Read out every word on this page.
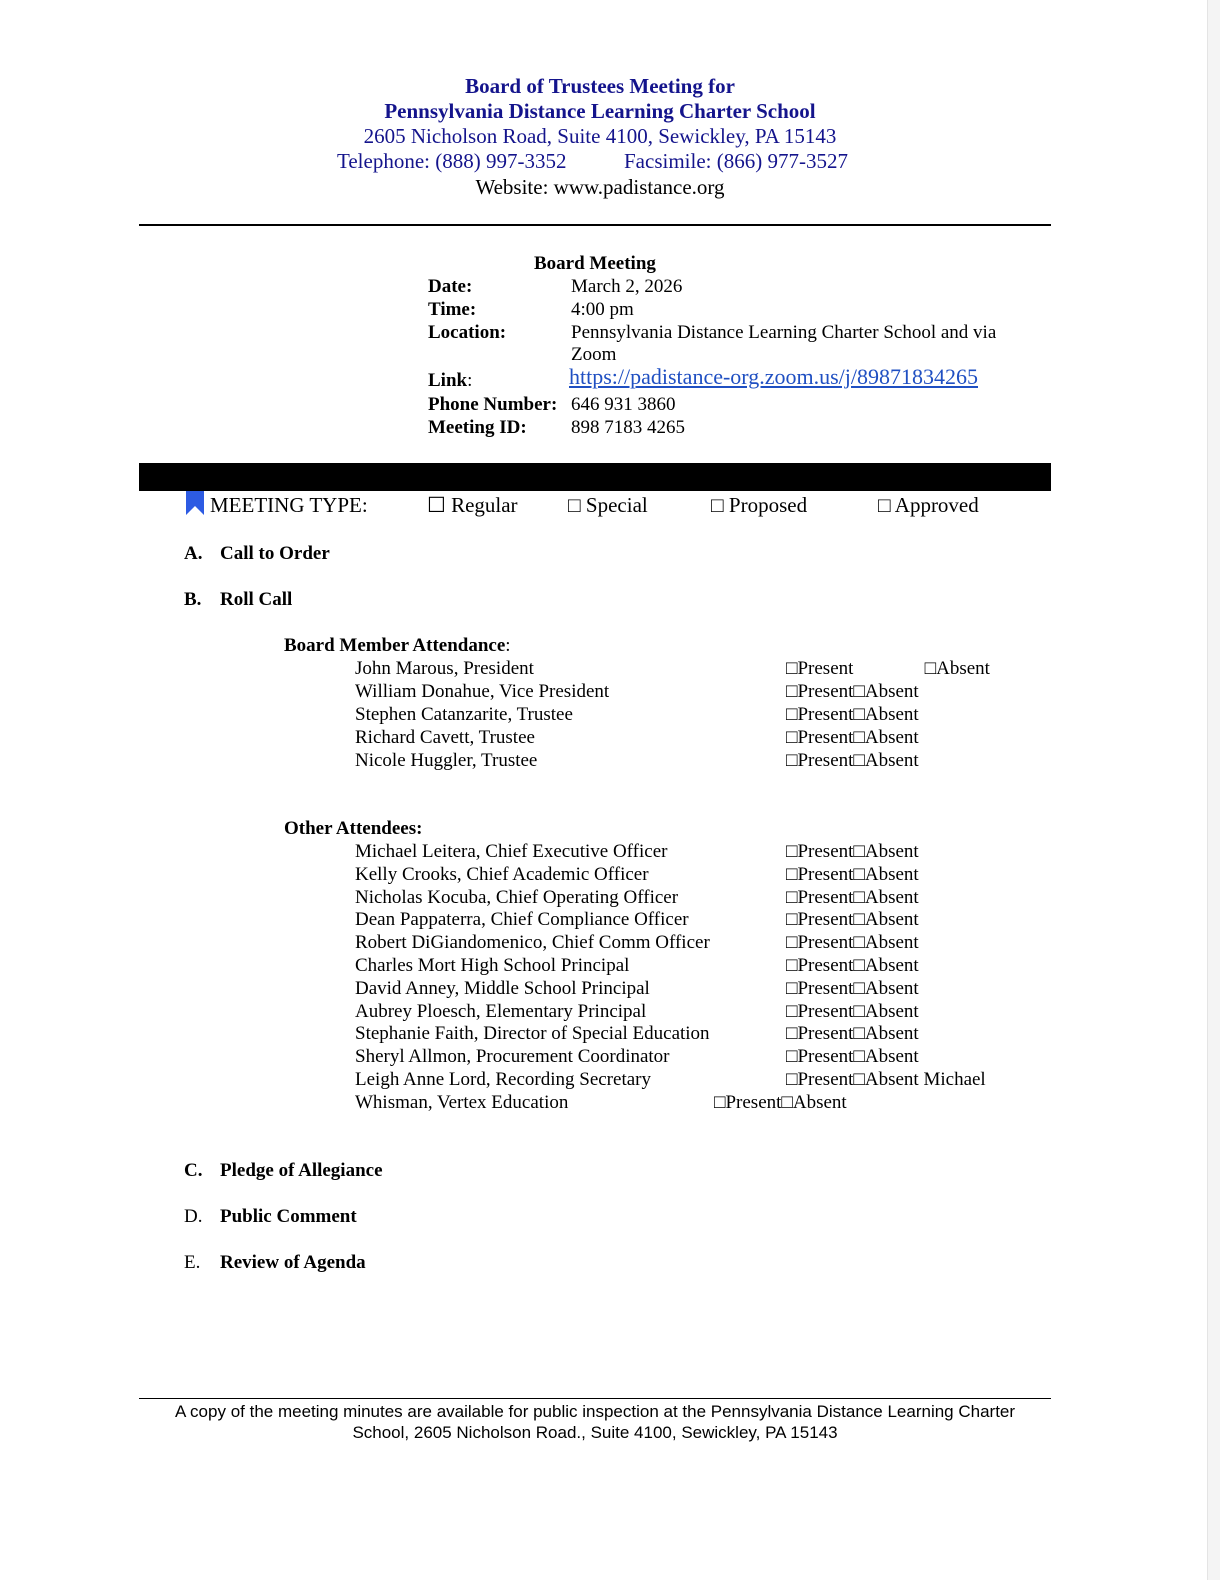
Board of Trustees Meeting for
Pennsylvania Distance Learning Charter School
2605 Nicholson Road, Suite 4100, Sewickley, PA 15143
Telephone: (888) 997-3352	Facsimile: (866) 977-3527
Website: www.padistance.org
Board Meeting
Date:	March 2, 2026
Time:	4:00 pm
Location:	Pennsylvania Distance Learning Charter School and via
Zoom
Link:	https://padistance-org.zoom.us/j/89871834265
Phone Number: 646 931 3860
Meeting ID: 898 7183 4265
MEETING TYPE:	☐ Regular □ Special	□ Proposed	□ Approved
A. Call to Order
B. Roll Call
Board Member Attendance:
John Marous, President	□Present               □Absent
William Donahue, Vice President	□Present□Absent
Stephen Catanzarite, Trustee	□Present□Absent
Richard Cavett, Trustee	□Present□Absent
Nicole Huggler, Trustee	□Present□Absent
Other Attendees:
Michael Leitera, Chief Executive Officer	□Present□Absent
Kelly Crooks, Chief Academic Officer	□Present□Absent
Nicholas Kocuba, Chief Operating Officer	□Present□Absent
Dean Pappaterra, Chief Compliance Officer	□Present□Absent
Robert DiGiandomenico, Chief Comm Officer	□Present□Absent
Charles Mort High School Principal	□Present□Absent
David Anney, Middle School Principal	□Present□Absent
Aubrey Ploesch, Elementary Principal	□Present□Absent
Stephanie Faith, Director of Special Education	□Present□Absent
Sheryl Allmon, Procurement Coordinator	□Present□Absent
Leigh Anne Lord, Recording Secretary	□Present□Absent Michael
Whisman, Vertex Education	□Present□Absent
C. Pledge of Allegiance
D. Public Comment
E. Review of Agenda
A copy of the meeting minutes are available for public inspection at the Pennsylvania Distance Learning Charter
School, 2605 Nicholson Road., Suite 4100, Sewickley, PA 15143
